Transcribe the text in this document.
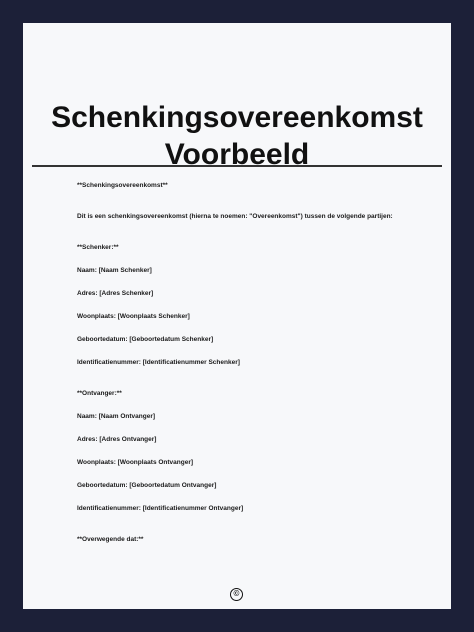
Schenkingsovereenkomst
Voorbeeld
**Schenkingsovereenkomst**
Dit is een schenkingsovereenkomst (hierna te noemen: "Overeenkomst") tussen de volgende partijen:
**Schenker:**
Naam: [Naam Schenker]
Adres: [Adres Schenker]
Woonplaats: [Woonplaats Schenker]
Geboortedatum: [Geboortedatum Schenker]
Identificatienummer: [Identificatienummer Schenker]
**Ontvanger:**
Naam: [Naam Ontvanger]
Adres: [Adres Ontvanger]
Woonplaats: [Woonplaats Ontvanger]
Geboortedatum: [Geboortedatum Ontvanger]
Identificatienummer: [Identificatienummer Ontvanger]
**Overwegende dat:**
©
